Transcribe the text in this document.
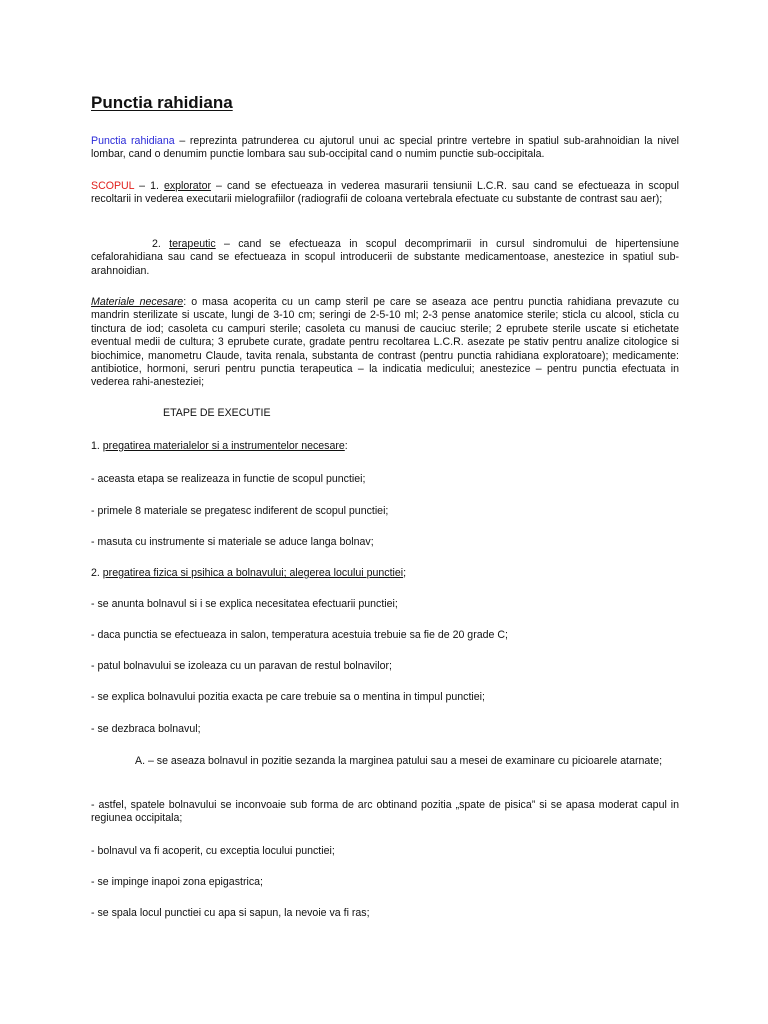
Punctia rahidiana

Punctia rahidiana – reprezinta patrunderea cu ajutorul unui ac special printre vertebre in spatiul sub-arahnoidian la nivel lombar, cand o denumim punctie lombara sau sub-occipital cand o numim punctie sub-occipitala.

SCOPUL – 1. explorator – cand se efectueaza in vederea masurarii tensiunii L.C.R. sau cand se efectueaza in scopul recoltarii in vederea executarii mielografiilor (radiografii de coloana vertebrala efectuate cu substante de contrast sau aer);

2. terapeutic – cand se efectueaza in scopul decomprimarii in cursul sindromului de hipertensiune cefalorahidiana sau cand se efectueaza in scopul introducerii de substante medicamentoase, anestezice in spatiul sub-arahnoidian.

Materiale necesare: o masa acoperita cu un camp steril pe care se aseaza ace pentru punctia rahidiana prevazute cu mandrin sterilizate si uscate, lungi de 3-10 cm; seringi de 2-5-10 ml; 2-3 pense anatomice sterile; sticla cu alcool, sticla cu tinctura de iod; casoleta cu campuri sterile; casoleta cu manusi de cauciuc sterile; 2 eprubete sterile uscate si etichetate eventual medii de cultura; 3 eprubete curate, gradate pentru recoltarea L.C.R. asezate pe stativ pentru analize citologice si biochimice, manometru Claude, tavita renala, substanta de contrast (pentru punctia rahidiana exploratoare); medicamente: antibiotice, hormoni, seruri pentru punctia terapeutica – la indicatia medicului; anestezice – pentru punctia efectuata in vederea rahi-anesteziei;

ETAPE DE EXECUTIE

1. pregatirea materialelor si a instrumentelor necesare:

- aceasta etapa se realizeaza in functie de scopul punctiei;

- primele 8 materiale se pregatesc indiferent de scopul punctiei;

- masuta cu instrumente si materiale se aduce langa bolnav;

2. pregatirea fizica si psihica a bolnavului; alegerea locului punctiei;

- se anunta bolnavul si i se explica necesitatea efectuarii punctiei;

- daca punctia se efectueaza in salon, temperatura acestuia trebuie sa fie de 20 grade C;

- patul bolnavului se izoleaza cu un paravan de restul bolnavilor;

- se explica bolnavului pozitia exacta pe care trebuie sa o mentina in timpul punctiei;

- se dezbraca bolnavul;

A. – se aseaza bolnavul in pozitie sezanda la marginea patului sau a mesei de examinare cu picioarele atarnate;

- astfel, spatele bolnavului se inconvoaie sub forma de arc obtinand pozitia „spate de pisica” si se apasa moderat capul in regiunea occipitala;

- bolnavul va fi acoperit, cu exceptia locului punctiei;

- se impinge inapoi zona epigastrica;

- se spala locul punctiei cu apa si sapun, la nevoie va fi ras;
